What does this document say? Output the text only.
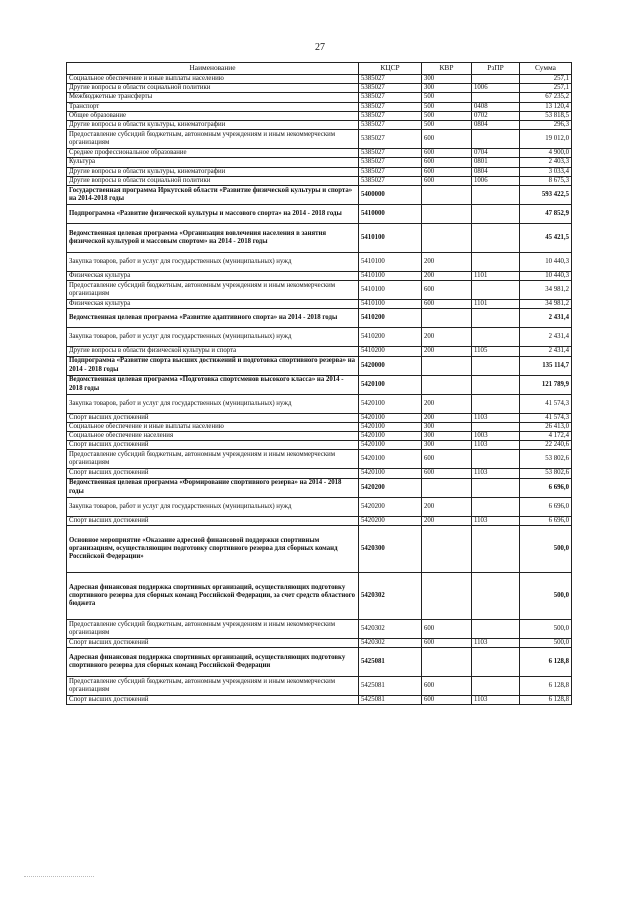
27
Наименование	КЦСР	КВР	РзПР	Сумма
Социальное обеспечение и иные выплаты населению	5385027	300		257,1
Другие вопросы в области социальной политики	5385027	300	1006	257,1
Межбюджетные трансферты	5385027	500		67 235,2
Транспорт	5385027	500	0408	13 120,4
Общее образование	5385027	500	0702	53 818,5
Другие вопросы в области культуры, кинематографии	5385027	500	0804	296,3
Предоставление субсидий бюджетным, автономным учреждениям и иным некоммерческим организациям	5385027	600		19 012,0
Среднее профессиональное образование	5385027	600	0704	4 900,0
Культура	5385027	600	0801	2 403,3
Другие вопросы в области культуры, кинематографии	5385027	600	0804	3 033,4
Другие вопросы в области социальной политики	5385027	600	1006	8 675,3
Государственная программа Иркутской области «Развитие физической культуры и спорта» на 2014-2018 годы	5400000			593 422,5
Подпрограмма «Развитие физической культуры и массового спорта» на 2014 - 2018 годы	5410000			47 852,9
Ведомственная целевая программа «Организация вовлечения населения в занятия физической культурой и массовым спортом» на 2014 - 2018 годы	5410100			45 421,5
Закупка товаров, работ и услуг для государственных (муниципальных) нужд	5410100	200		10 440,3
Физическая культура	5410100	200	1101	10 440,3
Предоставление субсидий бюджетным, автономным учреждениям и иным некоммерческим организациям	5410100	600		34 981,2
Физическая культура	5410100	600	1101	34 981,2
Ведомственная целевая программа «Развитие адаптивного спорта» на 2014 - 2018 годы	5410200			2 431,4
Закупка товаров, работ и услуг для государственных (муниципальных) нужд	5410200	200		2 431,4
Другие вопросы в области физической культуры и спорта	5410200	200	1105	2 431,4
Подпрограмма «Развитие спорта высших достижений и подготовка спортивного резерва» на 2014 - 2018 годы	5420000			135 114,7
Ведомственная целевая программа «Подготовка спортсменов высокого класса» на 2014 - 2018 годы	5420100			121 789,9
Закупка товаров, работ и услуг для государственных (муниципальных) нужд	5420100	200		41 574,3
Спорт высших достижений	5420100	200	1103	41 574,3
Социальное обеспечение и иные выплаты населению	5420100	300		26 413,0
Социальное обеспечение населения	5420100	300	1003	4 172,4
Спорт высших достижений	5420100	300	1103	22 240,6
Предоставление субсидий бюджетным, автономным учреждениям и иным некоммерческим организациям	5420100	600		53 802,6
Спорт высших достижений	5420100	600	1103	53 802,6
Ведомственная целевая программа «Формирование спортивного резерва» на 2014 - 2018 годы	5420200			6 696,0
Закупка товаров, работ и услуг для государственных (муниципальных) нужд	5420200	200		6 696,0
Спорт высших достижений	5420200	200	1103	6 696,0
Основное мероприятие «Оказание адресной финансовой поддержки спортивным организациям, осуществляющим подготовку спортивного резерва для сборных команд Российской Федерации»	5420300			500,0
Адресная финансовая поддержка спортивных организаций, осуществляющих подготовку спортивного резерва для сборных команд Российской Федерации, за счет средств областного бюджета	5420302			500,0
Предоставление субсидий бюджетным, автономным учреждениям и иным некоммерческим организациям	5420302	600		500,0
Спорт высших достижений	5420302	600	1103	500,0
Адресная финансовая поддержка спортивных организаций, осуществляющих подготовку спортивного резерва для сборных команд Российской Федерации	5425081			6 128,8
Предоставление субсидий бюджетным, автономным учреждениям и иным некоммерческим организациям	5425081	600		6 128,8
Спорт высших достижений	5425081	600	1103	6 128,8
